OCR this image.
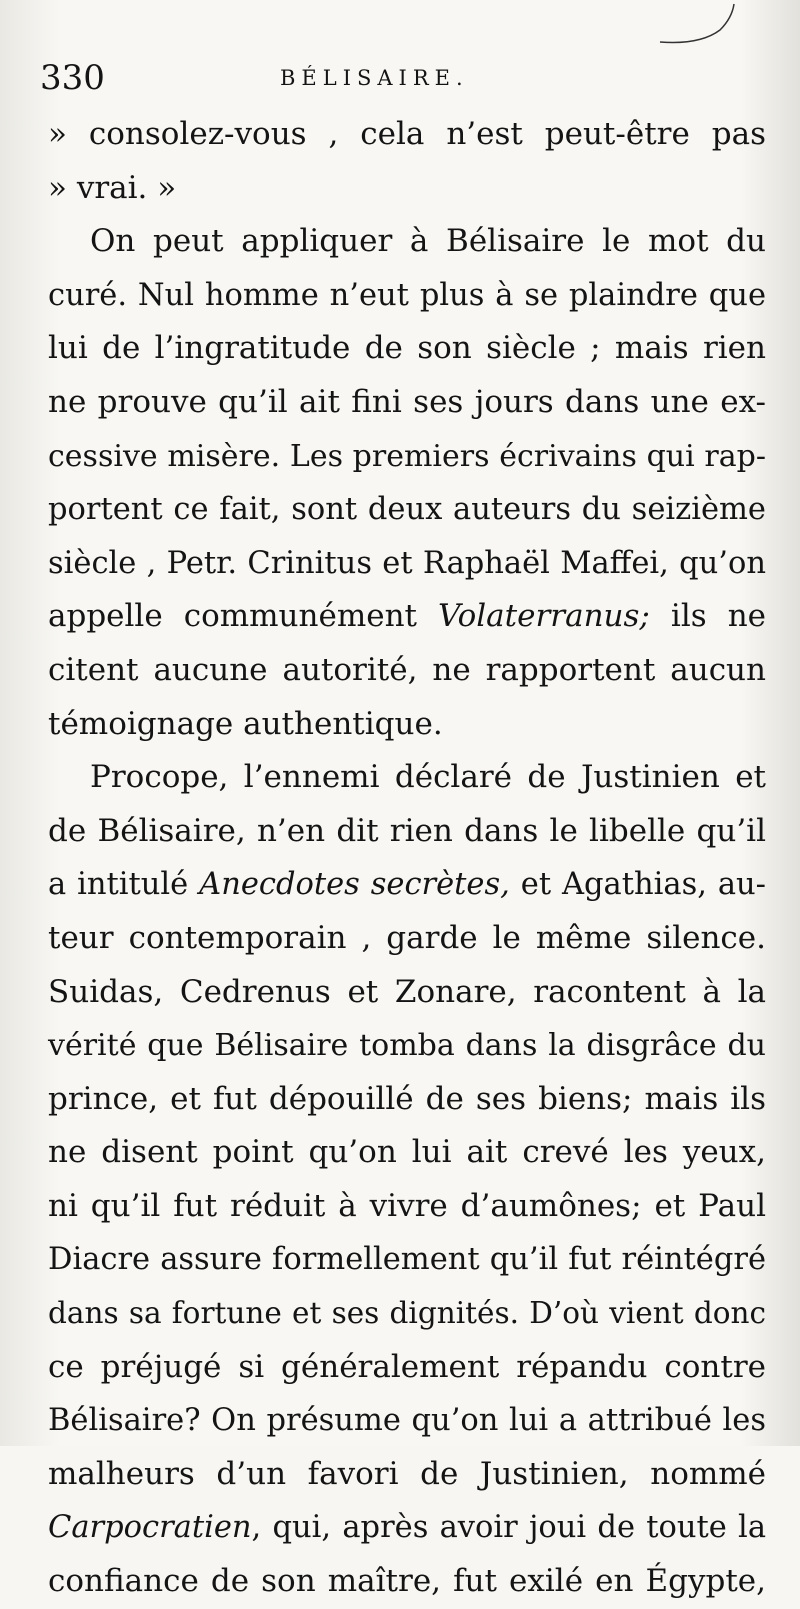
330	BÉLISAIRE.
» consolez-vous , cela n’est peut-être pas
» vrai. »
On peut appliquer à Bélisaire le mot du
curé. Nul homme n’eut plus à se plaindre que
lui de l’ingratitude de son siècle ; mais rien
ne prouve qu’il ait fini ses jours dans une ex-
cessive misère. Les premiers écrivains qui rap-
portent ce fait, sont deux auteurs du seizième
siècle , Petr. Crinitus et Raphaël Maffei, qu’on
appelle communément Volaterranus; ils ne
citent aucune autorité, ne rapportent aucun
témoignage authentique.
Procope, l’ennemi déclaré de Justinien et
de Bélisaire, n’en dit rien dans le libelle qu’il
a intitulé Anecdotes secrètes, et Agathias, au-
teur contemporain , garde le même silence.
Suidas, Cedrenus et Zonare, racontent à la
vérité que Bélisaire tomba dans la disgrâce du
prince, et fut dépouillé de ses biens; mais ils
ne disent point qu’on lui ait crevé les yeux,
ni qu’il fut réduit à vivre d’aumônes; et Paul
Diacre assure formellement qu’il fut réintégré
dans sa fortune et ses dignités. D’où vient donc
ce préjugé si généralement répandu contre
Bélisaire? On présume qu’on lui a attribué les
malheurs d’un favori de Justinien, nommé
Carpocratien, qui, après avoir joui de toute la
confiance de son maître, fut exilé en Égypte,
